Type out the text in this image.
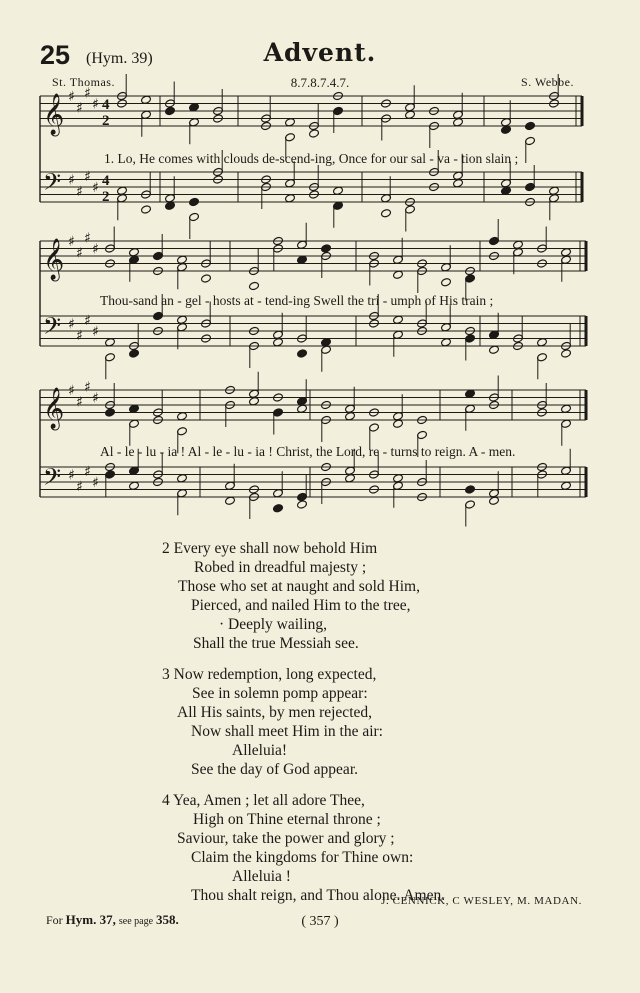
25 (Hym. 39)	Advent.
St. Thomas.	8.7.8.7.4.7.	S. Webbe.
𝄞 ♯
♯
♯
♯ 4
2
𝄢 ♯
♯
♯
♯ 4
2
𝄞 ♯
♯
♯
♯
𝄢 ♯
♯
♯
♯
𝄞 ♯
♯
♯
♯
𝄢 ♯
♯
♯
♯
1. Lo, He comes with clouds de-scend-ing, Once for our sal - va - tion slain ;
Thou-sand an - gel - hosts at - tend-ing Swell the tri - umph of His train ;
Al - le - lu - ia ! Al - le - lu - ia ! Christ, the Lord, re - turns to reign. A - men.
2 Every eye shall now behold Him
Robed in dreadful majesty ;
Those who set at naught and sold Him,
Pierced, and nailed Him to the tree,
· Deeply wailing,
Shall the true Messiah see.
3 Now redemption, long expected,
See in solemn pomp appear:
All His saints, by men rejected,
Now shall meet Him in the air:
Alleluia!
See the day of God appear.
4 Yea, Amen ; let all adore Thee,
High on Thine eternal throne ;
Saviour, take the power and glory ;
Claim the kingdoms for Thine own:
Alleluia !
Thou shalt reign, and Thou alone. Amen.
J. CENNICK, C WESLEY, M. MADAN.
For Hym. 37, see page 358.	( 357 )
